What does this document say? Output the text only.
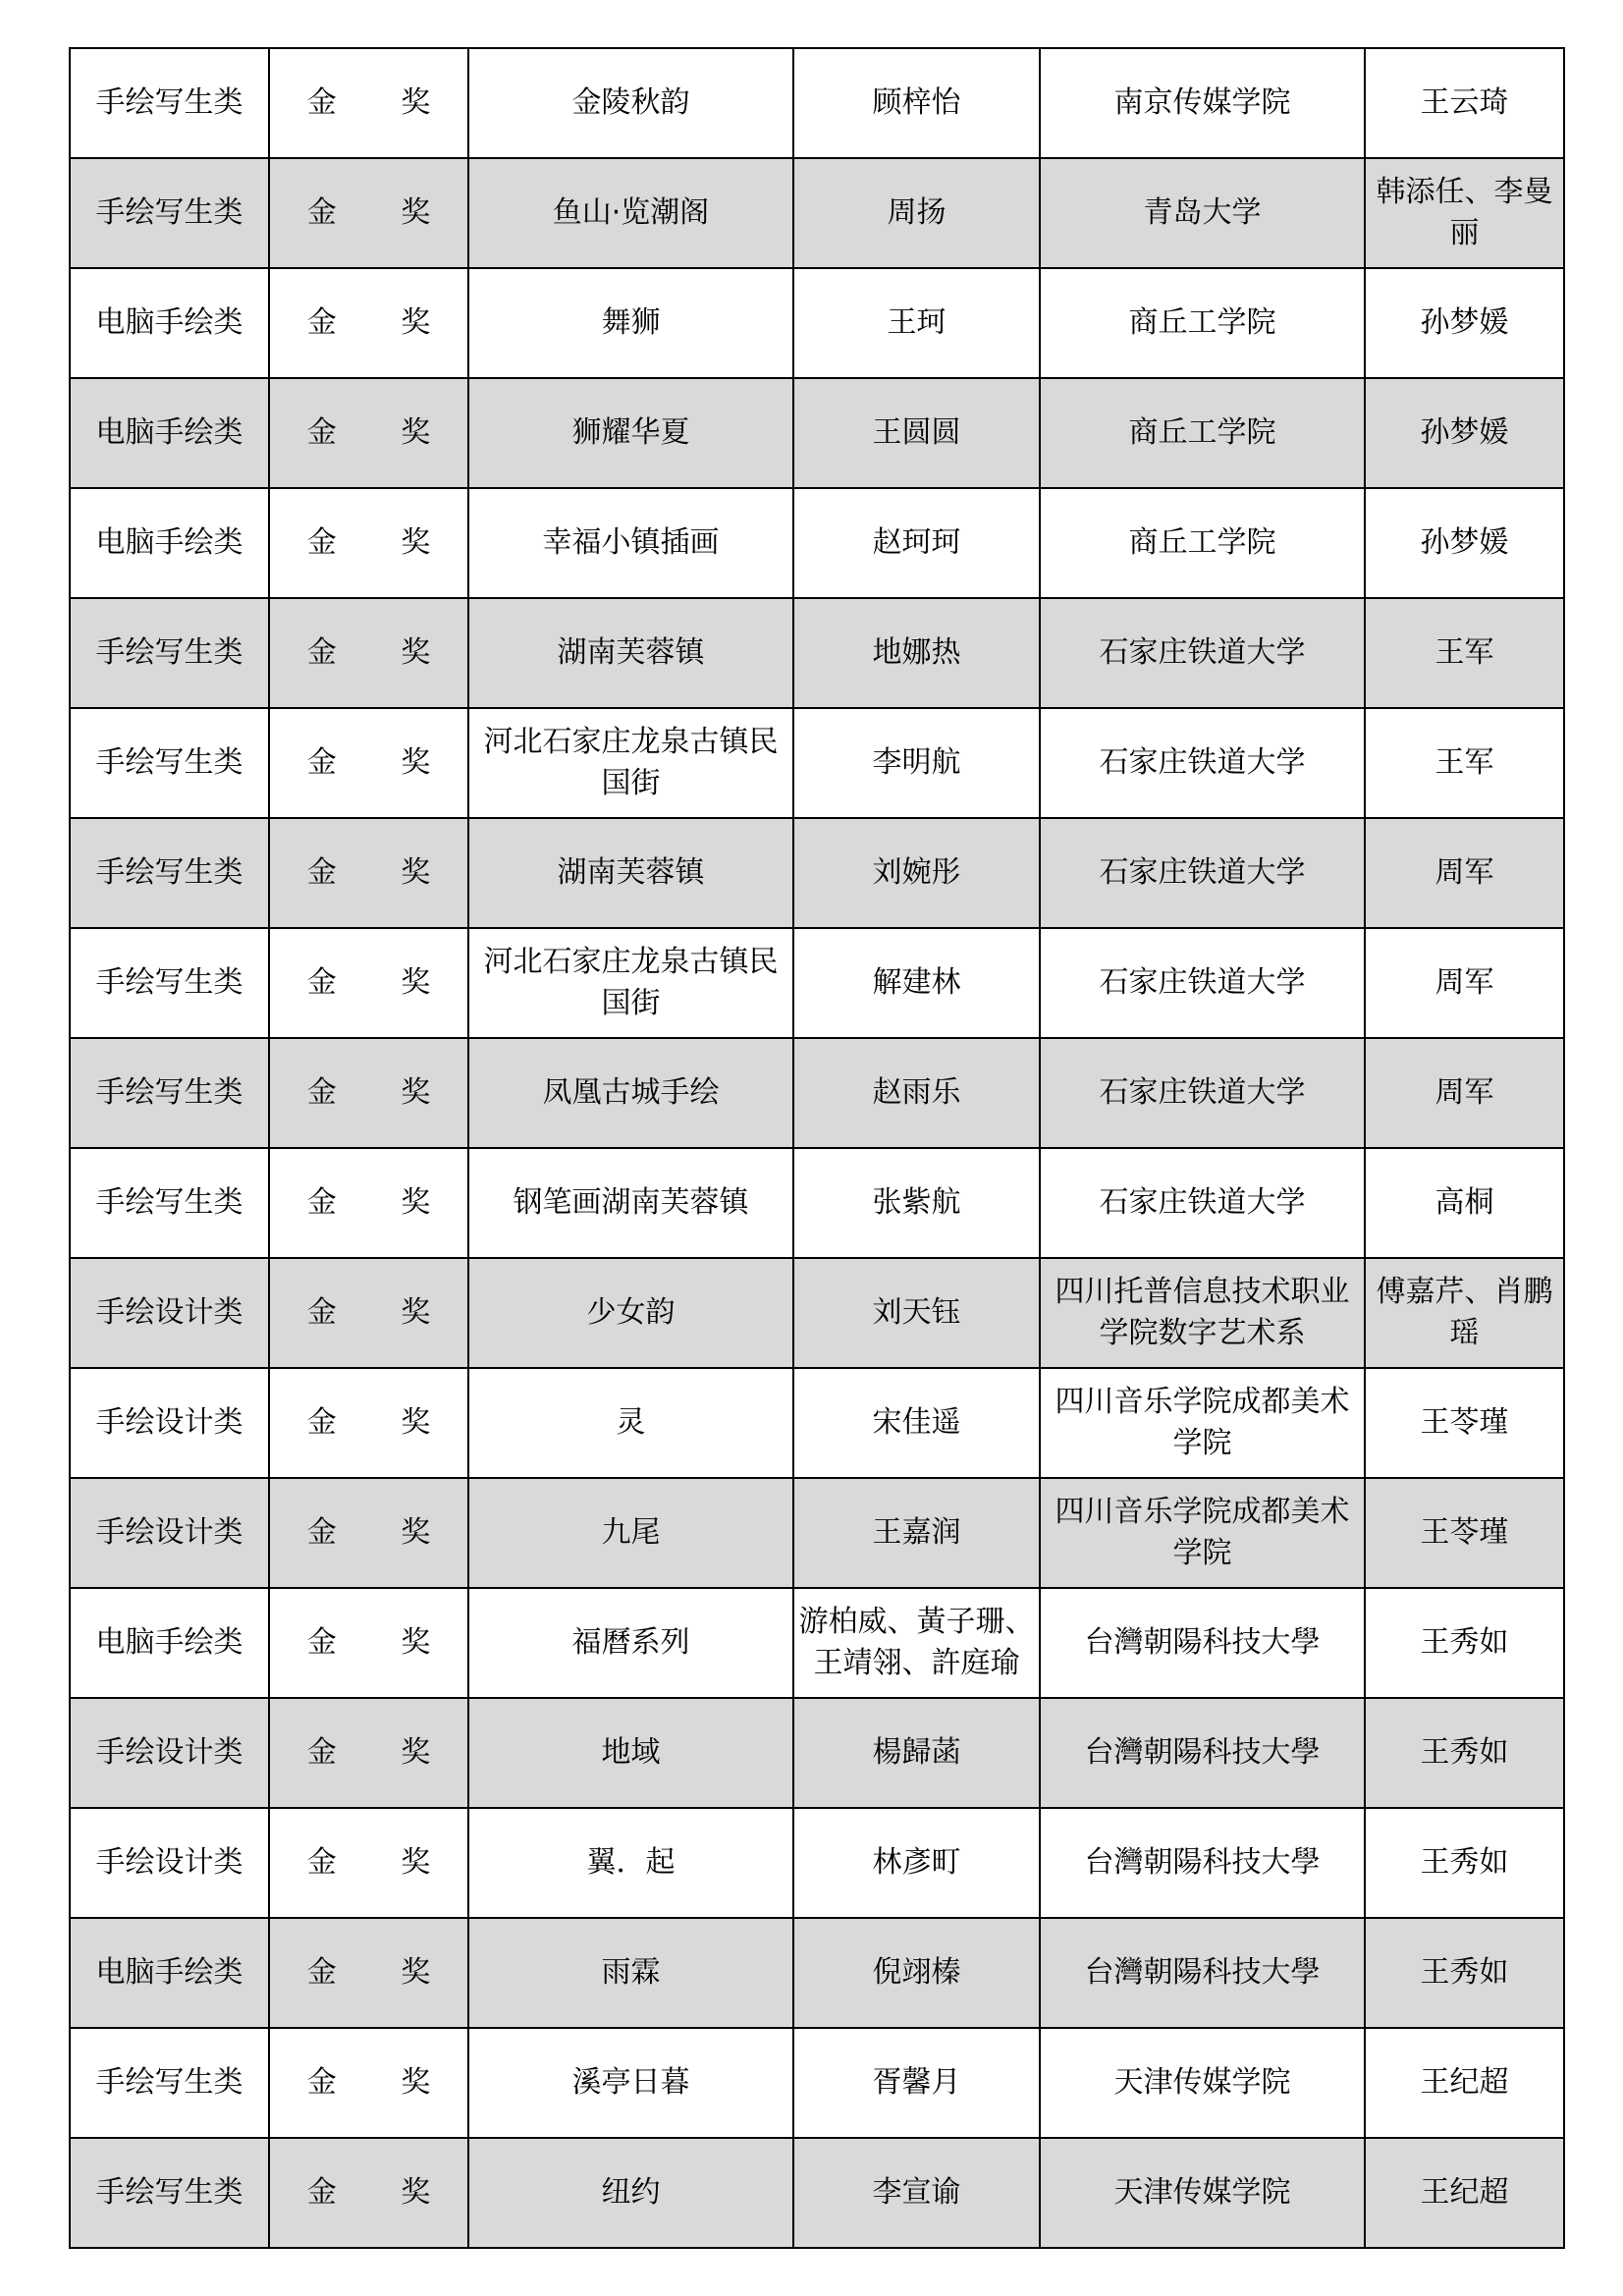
手绘写生类	金 奖	金陵秋韵	顾梓怡	南京传媒学院	王云琦
手绘写生类	金 奖	鱼山·览潮阁	周扬	青岛大学	韩添任、李曼丽
电脑手绘类	金 奖	舞狮	王珂	商丘工学院	孙梦媛
电脑手绘类	金 奖	狮耀华夏	王圆圆	商丘工学院	孙梦媛
电脑手绘类	金 奖	幸福小镇插画	赵珂珂	商丘工学院	孙梦媛
手绘写生类	金 奖	湖南芙蓉镇	地娜热	石家庄铁道大学	王军
手绘写生类	金 奖	河北石家庄龙泉古镇民国街	李明航	石家庄铁道大学	王军
手绘写生类	金 奖	湖南芙蓉镇	刘婉彤	石家庄铁道大学	周军
手绘写生类	金 奖	河北石家庄龙泉古镇民国街	解建林	石家庄铁道大学	周军
手绘写生类	金 奖	凤凰古城手绘	赵雨乐	石家庄铁道大学	周军
手绘写生类	金 奖	钢笔画湖南芙蓉镇	张紫航	石家庄铁道大学	高桐
手绘设计类	金 奖	少女韵	刘天钰	四川托普信息技术职业学院数字艺术系	傅嘉芹、肖鹏瑶
手绘设计类	金 奖	灵	宋佳遥	四川音乐学院成都美术学院	王苓瑾
手绘设计类	金 奖	九尾	王嘉润	四川音乐学院成都美术学院	王苓瑾
电脑手绘类	金 奖	福曆系列	游柏威、黃子珊、王靖翎、許庭瑜	台灣朝陽科技大學	王秀如
手绘设计类	金 奖	地域	楊歸菡	台灣朝陽科技大學	王秀如
手绘设计类	金 奖	翼．起	林彥町	台灣朝陽科技大學	王秀如
电脑手绘类	金 奖	雨霖	倪翊榛	台灣朝陽科技大學	王秀如
手绘写生类	金 奖	溪亭日暮	胥馨月	天津传媒学院	王纪超
手绘写生类	金 奖	纽约	李宣谕	天津传媒学院	王纪超
